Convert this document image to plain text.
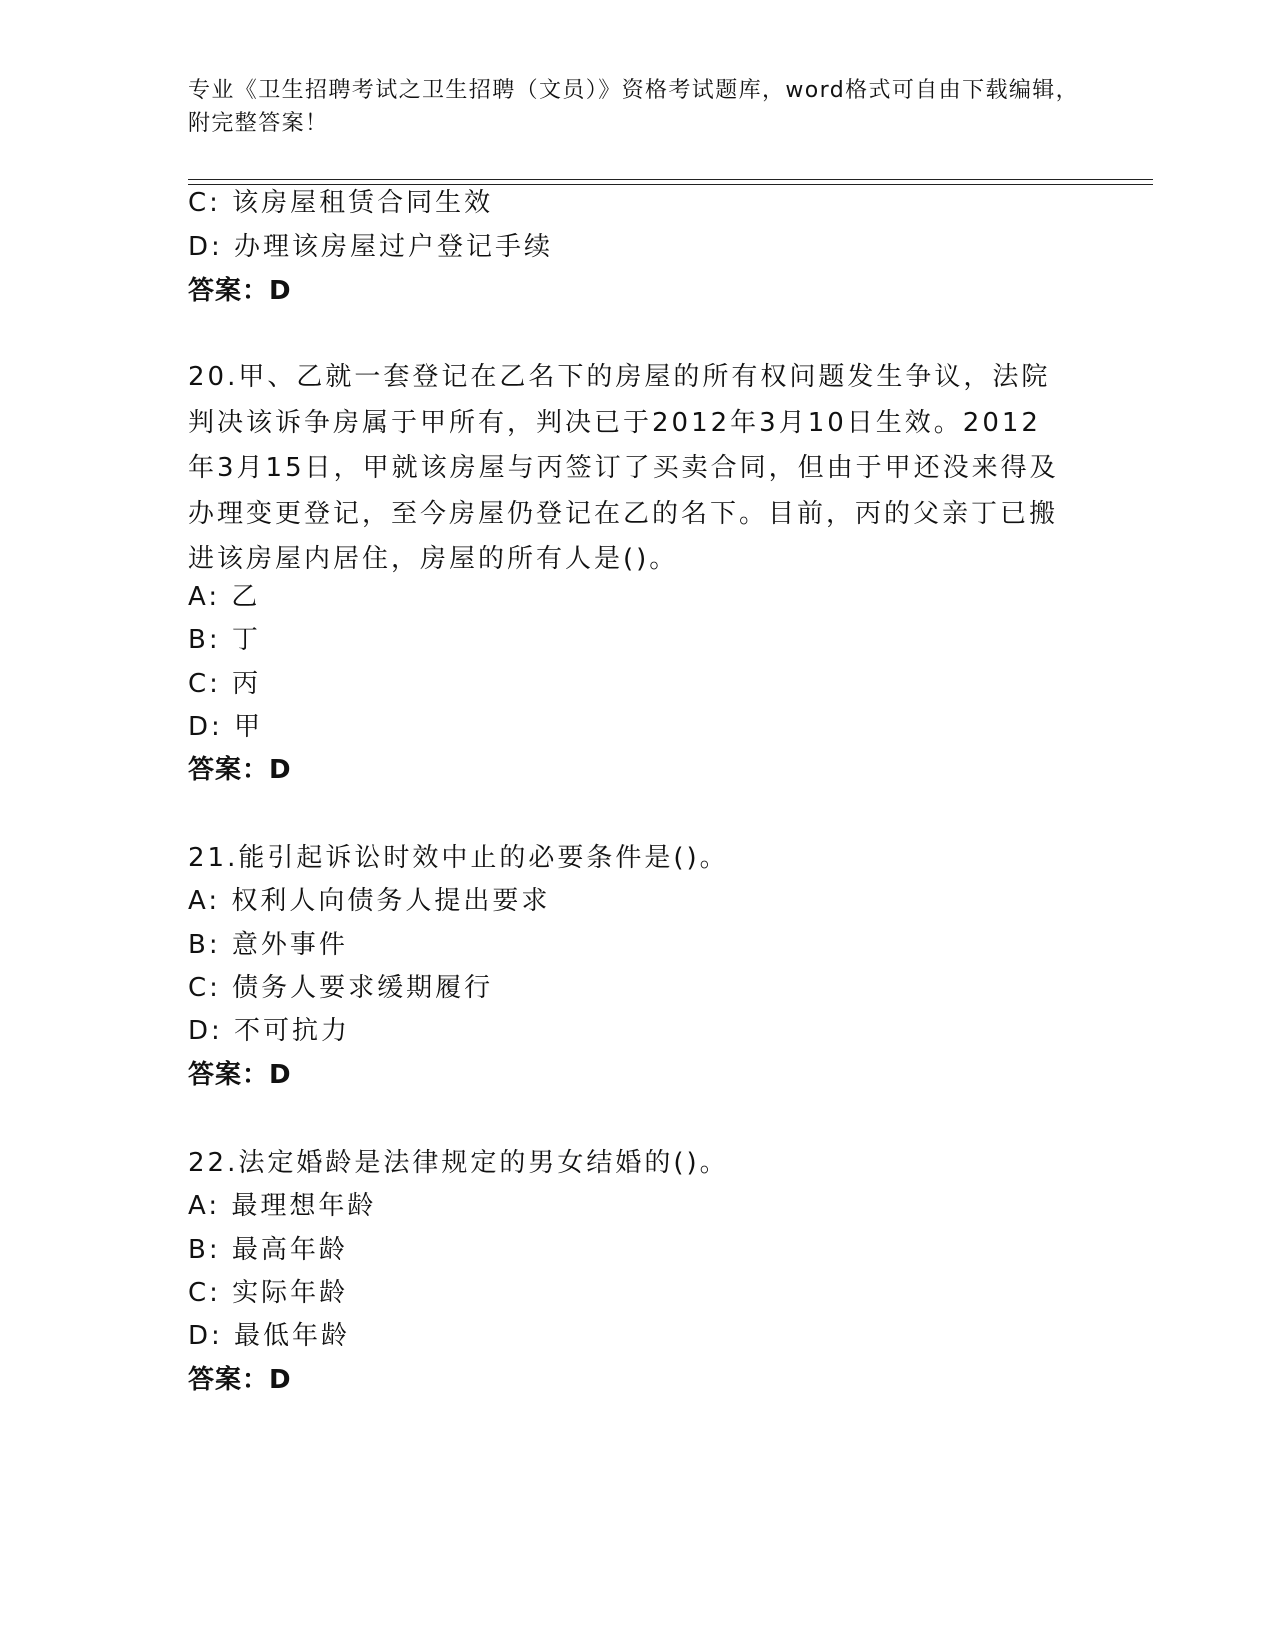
专业《卫生招聘考试之卫生招聘（文员）》资格考试题库，word格式可自由下载编辑，附完整答案！
C: 该房屋租赁合同生效
D: 办理该房屋过户登记手续
答案：D
20.甲、乙就一套登记在乙名下的房屋的所有权问题发生争议，法院判决该诉争房属于甲所有，判决已于2012年3月10日生效。2012年3月15日，甲就该房屋与丙签订了买卖合同，但由于甲还没来得及办理变更登记，至今房屋仍登记在乙的名下。目前，丙的父亲丁已搬进该房屋内居住，房屋的所有人是()。
A: 乙
B: 丁
C: 丙
D: 甲
答案：D
21.能引起诉讼时效中止的必要条件是()。
A: 权利人向债务人提出要求
B: 意外事件
C: 债务人要求缓期履行
D: 不可抗力
答案：D
22.法定婚龄是法律规定的男女结婚的()。
A: 最理想年龄
B: 最高年龄
C: 实际年龄
D: 最低年龄
答案：D
